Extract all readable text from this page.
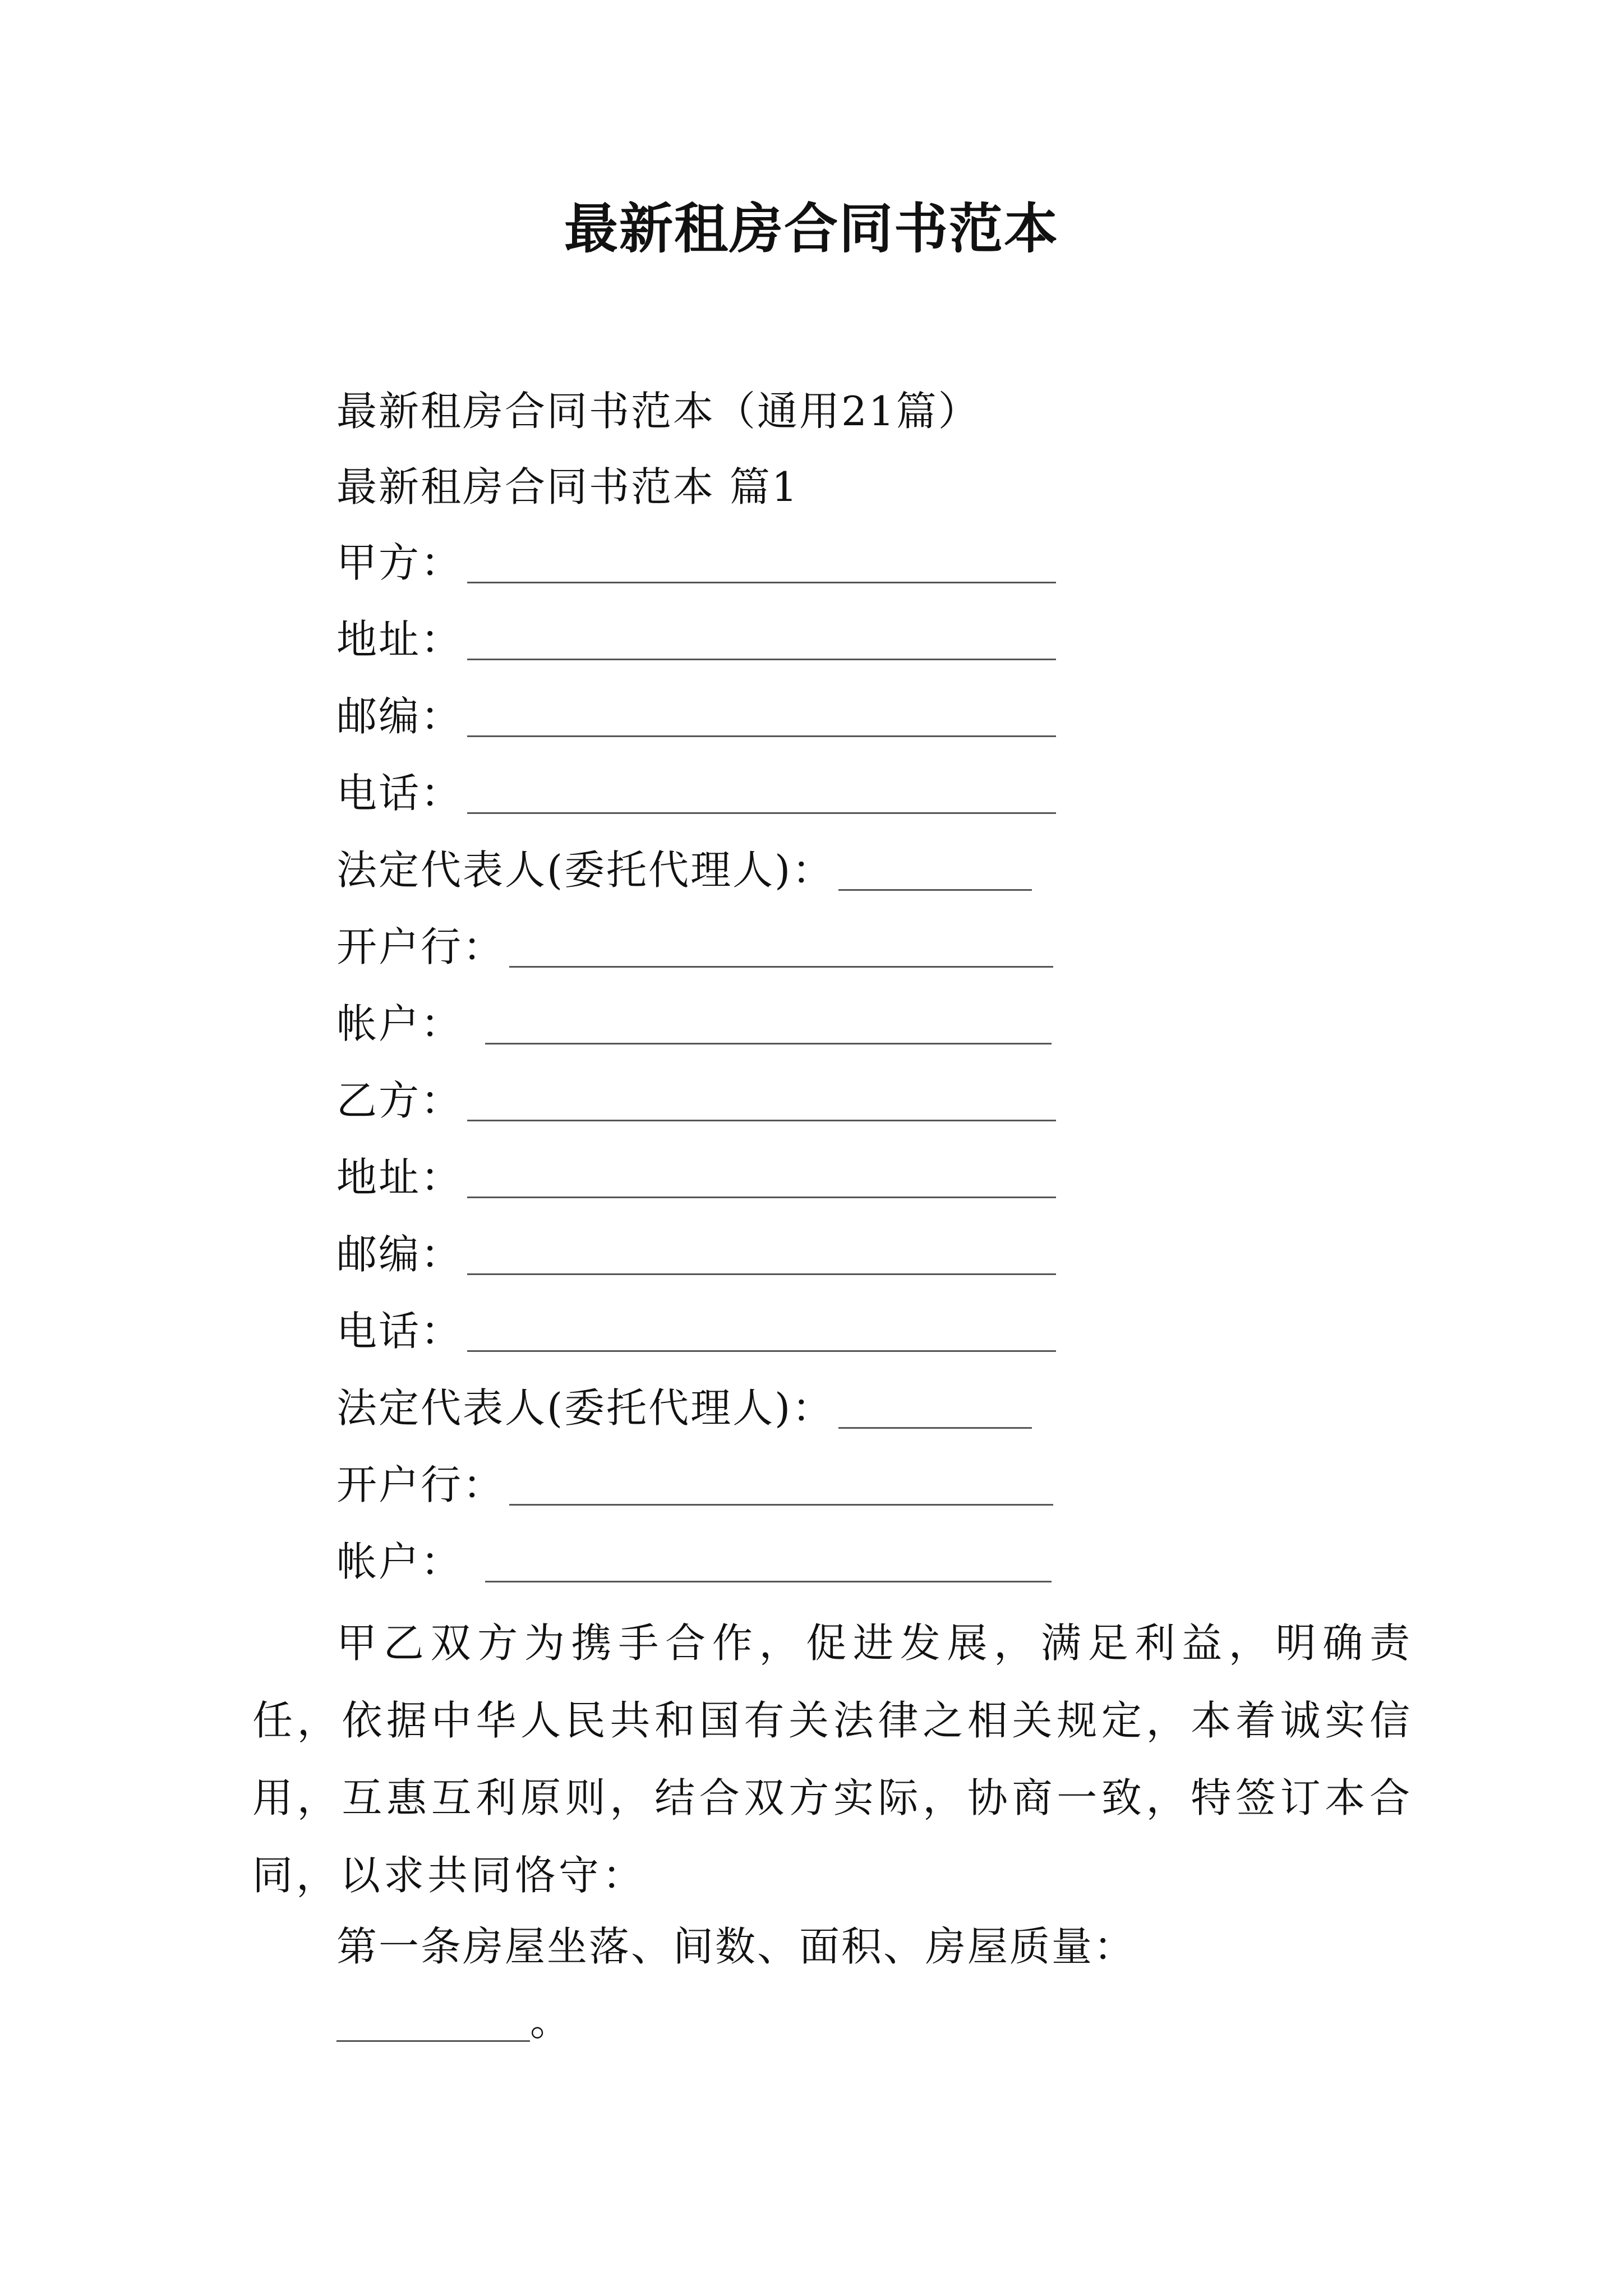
最新租房合同书范本
最新租房合同书范本（通用21篇）
最新租房合同书范本 篇1
甲方：
地址：
邮编：
电话：
法定代表人(委托代理人)：
开户行：
帐户：
乙方：
地址：
邮编：
电话：
法定代表人(委托代理人)：
开户行：
帐户：
甲乙双方为携手合作，促进发展，满足利益，明确责任，依据中华人民共和国有关法律之相关规定，本着诚实信用，互惠互利原则，结合双方实际，协商一致，特签订本合同，以求共同恪守：
第一条房屋坐落、间数、面积、房屋质量：
。
